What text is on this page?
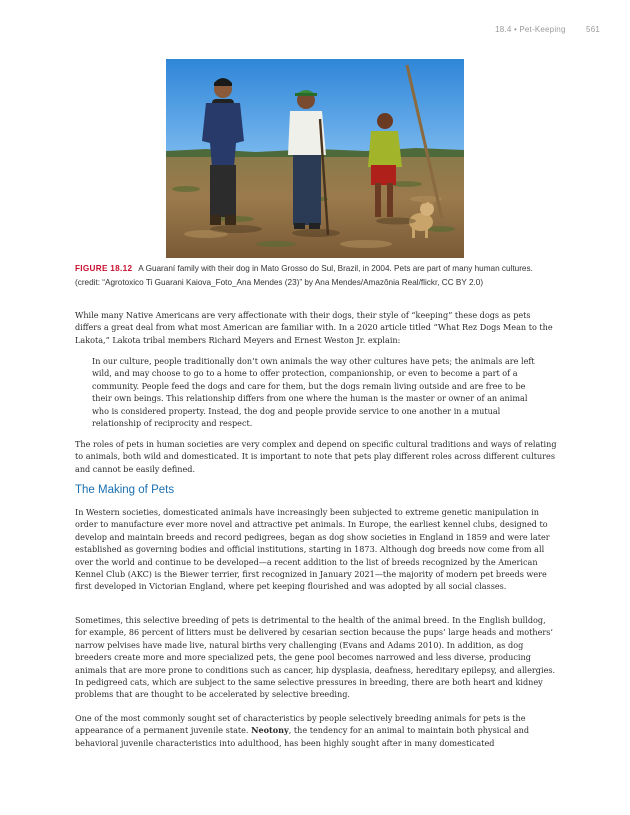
18.4 • Pet-Keeping	561
FIGURE 18.12 A Guaraní family with their dog in Mato Grosso do Sul, Brazil, in 2004. Pets are part of many human cultures. (credit: “Agrotoxico Ti Guarani Kaiova_Foto_Ana Mendes (23)” by Ana Mendes/Amazônia Real/flickr, CC BY 2.0)

While many Native Americans are very affectionate with their dogs, their style of “keeping” these dogs as pets differs a great deal from what most American are familiar with. In a 2020 article titled “What Rez Dogs Mean to the Lakota,” Lakota tribal members Richard Meyers and Ernest Weston Jr. explain:

In our culture, people traditionally don’t own animals the way other cultures have pets; the animals are left wild, and may choose to go to a home to offer protection, companionship, or even to become a part of a community. People feed the dogs and care for them, but the dogs remain living outside and are free to be their own beings. This relationship differs from one where the human is the master or owner of an animal who is considered property. Instead, the dog and people provide service to one another in a mutual relationship of reciprocity and respect.

The roles of pets in human societies are very complex and depend on specific cultural traditions and ways of relating to animals, both wild and domesticated. It is important to note that pets play different roles across different cultures and cannot be easily defined.

The Making of Pets

In Western societies, domesticated animals have increasingly been subjected to extreme genetic manipulation in order to manufacture ever more novel and attractive pet animals. In Europe, the earliest kennel clubs, designed to develop and maintain breeds and record pedigrees, began as dog show societies in England in 1859 and were later established as governing bodies and official institutions, starting in 1873. Although dog breeds now come from all over the world and continue to be developed—a recent addition to the list of breeds recognized by the American Kennel Club (AKC) is the Biewer terrier, first recognized in January 2021—the majority of modern pet breeds were first developed in Victorian England, where pet keeping flourished and was adopted by all social classes.

Sometimes, this selective breeding of pets is detrimental to the health of the animal breed. In the English bulldog, for example, 86 percent of litters must be delivered by cesarian section because the pups’ large heads and mothers’ narrow pelvises have made live, natural births very challenging (Evans and Adams 2010). In addition, as dog breeders create more and more specialized pets, the gene pool becomes narrowed and less diverse, producing animals that are more prone to conditions such as cancer, hip dysplasia, deafness, hereditary epilepsy, and allergies. In pedigreed cats, which are subject to the same selective pressures in breeding, there are both heart and kidney problems that are thought to be accelerated by selective breeding.

One of the most commonly sought set of characteristics by people selectively breeding animals for pets is the appearance of a permanent juvenile state. Neotony, the tendency for an animal to maintain both physical and behavioral juvenile characteristics into adulthood, has been highly sought after in many domesticated
